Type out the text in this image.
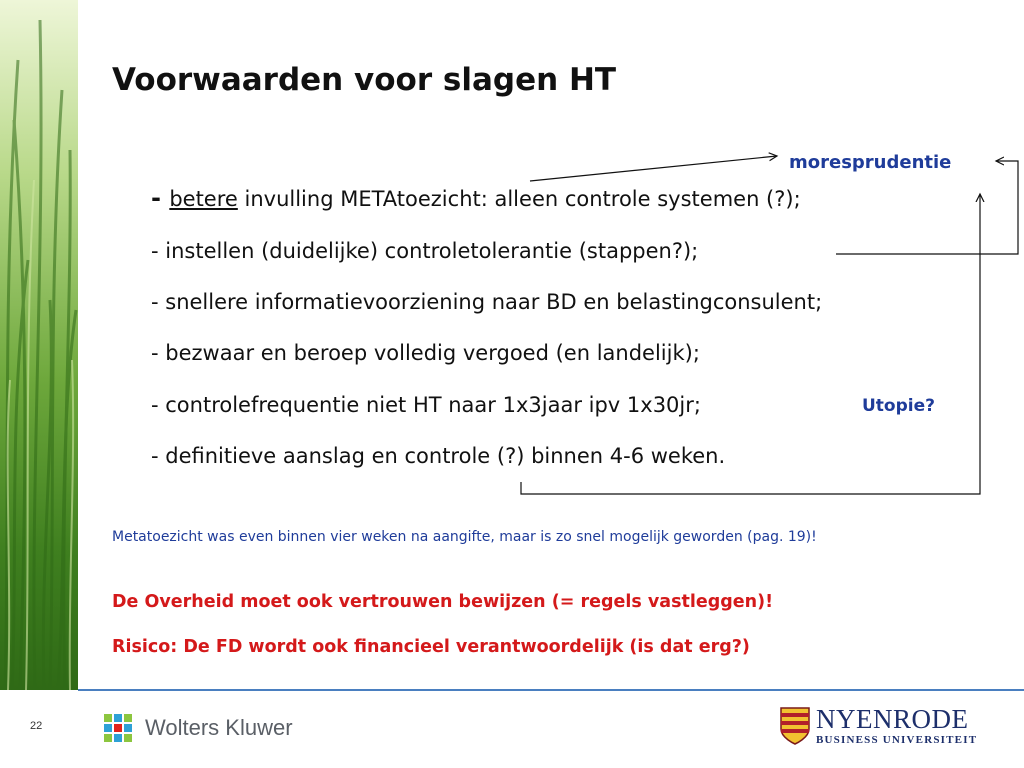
Voorwaarden voor slagen HT
- betere invulling METAtoezicht: alleen controle systemen (?);
- instellen (duidelijke) controletolerantie (stappen?);
- snellere informatievoorziening naar BD en belastingconsulent;
- bezwaar en beroep volledig vergoed (en landelijk);
- controlefrequentie niet HT naar 1x3jaar ipv 1x30jr;
- definitieve aanslag en controle (?) binnen 4-6 weken.
moresprudentie
Utopie?
Metatoezicht was even binnen vier weken na aangifte, maar is zo snel mogelijk geworden (pag. 19)!
De Overheid moet ook vertrouwen bewijzen (= regels vastleggen)!
Risico: De FD wordt ook financieel verantwoordelijk (is dat erg?)
22	Wolters Kluwer	NYENRODE
BUSINESS UNIVERSITEIT
